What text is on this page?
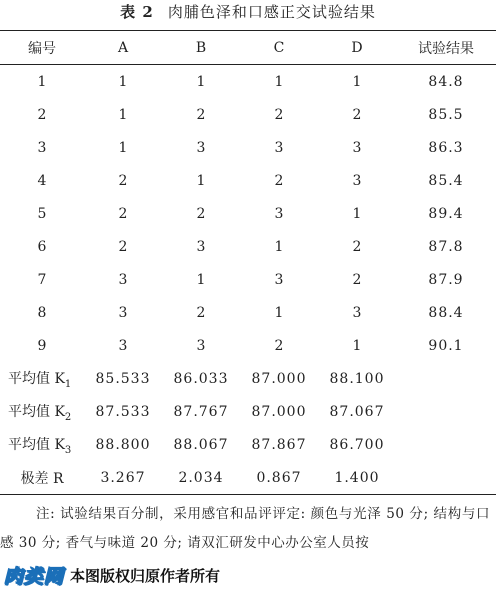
表 2 肉脯色泽和口感正交试验结果
编号	A	B	C	D	试验结果
1	1	1	1	1	84.8
2	1	2	2	2	85.5
3	1	3	3	3	86.3
4	2	1	2	3	85.4
5	2	2	3	1	89.4
6	2	3	1	2	87.8
7	3	1	3	2	87.9
8	3	2	1	3	88.4
9	3	3	2	1	90.1
平均值 $K_1$	85.533	86.033	87.000	88.100	
平均值 $K_2$	87.533	87.767	87.000	87.067	
平均值 $K_3$	88.800	88.067	87.867	86.700	
极差 R	3.267	2.034	0.867	1.400	
注: 试验结果百分制，采用感官和品评评定: 颜色与光泽 50 分; 结构与口感 30 分; 香气与味道 20 分; 请双汇研发中心办公室人员按
肉类网 本图版权归原作者所有
